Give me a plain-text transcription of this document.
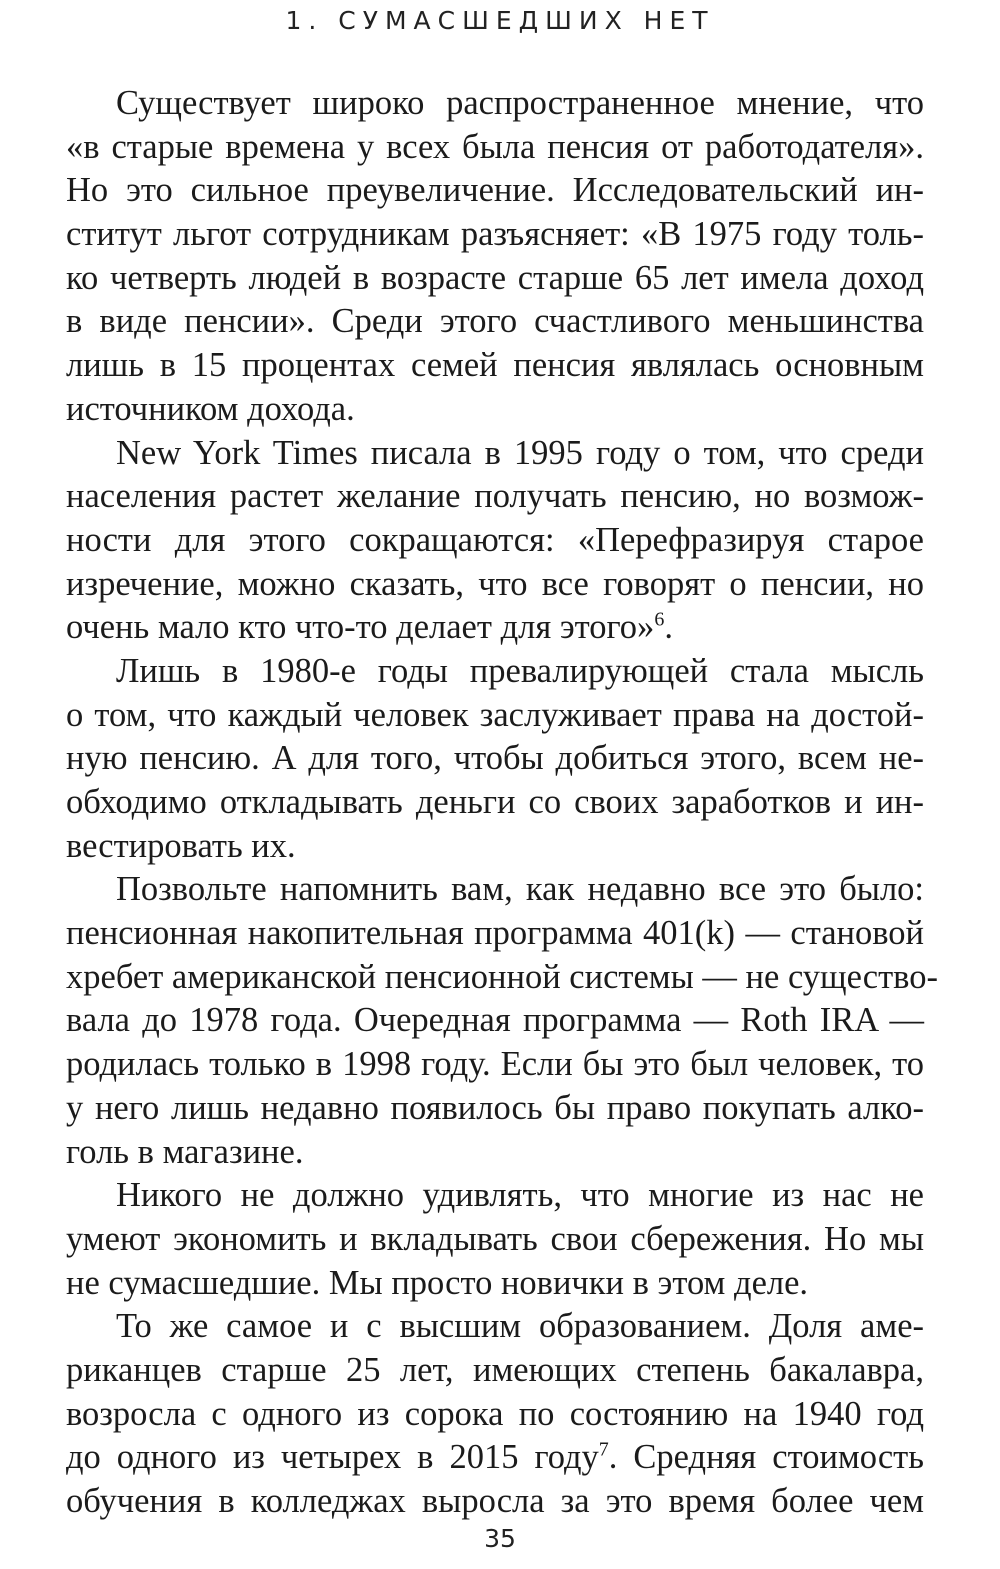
1. СУМАСШЕДШИХ НЕТ
Существует широко распространенное мнение, что
«в старые времена у всех была пенсия от работодателя».
Но это сильное преувеличение. Исследовательский ин-
ститут льгот сотрудникам разъясняет: «В 1975 году толь-
ко четверть людей в возрасте старше 65 лет имела доход
в виде пенсии». Среди этого счастливого меньшинства
лишь в 15 процентах семей пенсия являлась основным
источником дохода.
New York Times писала в 1995 году о том, что среди
населения растет желание получать пенсию, но возмож-
ности для этого сокращаются: «Перефразируя старое
изречение, можно сказать, что все говорят о пенсии, но
очень мало кто что-то делает для этого»$^6$.
Лишь в 1980-е годы превалирующей стала мысль
о том, что каждый человек заслуживает права на достой-
ную пенсию. А для того, чтобы добиться этого, всем не-
обходимо откладывать деньги со своих заработков и ин-
вестировать их.
Позвольте напомнить вам, как недавно все это было:
пенсионная накопительная программа 401(k) — становой
хребет американской пенсионной системы — не существо-
вала до 1978 года. Очередная программа — Roth IRA —
родилась только в 1998 году. Если бы это был человек, то
у него лишь недавно появилось бы право покупать алко-
голь в магазине.
Никого не должно удивлять, что многие из нас не
умеют экономить и вкладывать свои сбережения. Но мы
не сумасшедшие. Мы просто новички в этом деле.
То же самое и с высшим образованием. Доля аме-
риканцев старше 25 лет, имеющих степень бакалавра,
возросла с одного из сорока по состоянию на 1940 год
до одного из четырех в 2015 году$^7$. Средняя стоимость
обучения в колледжах выросла за это время более чем
35
